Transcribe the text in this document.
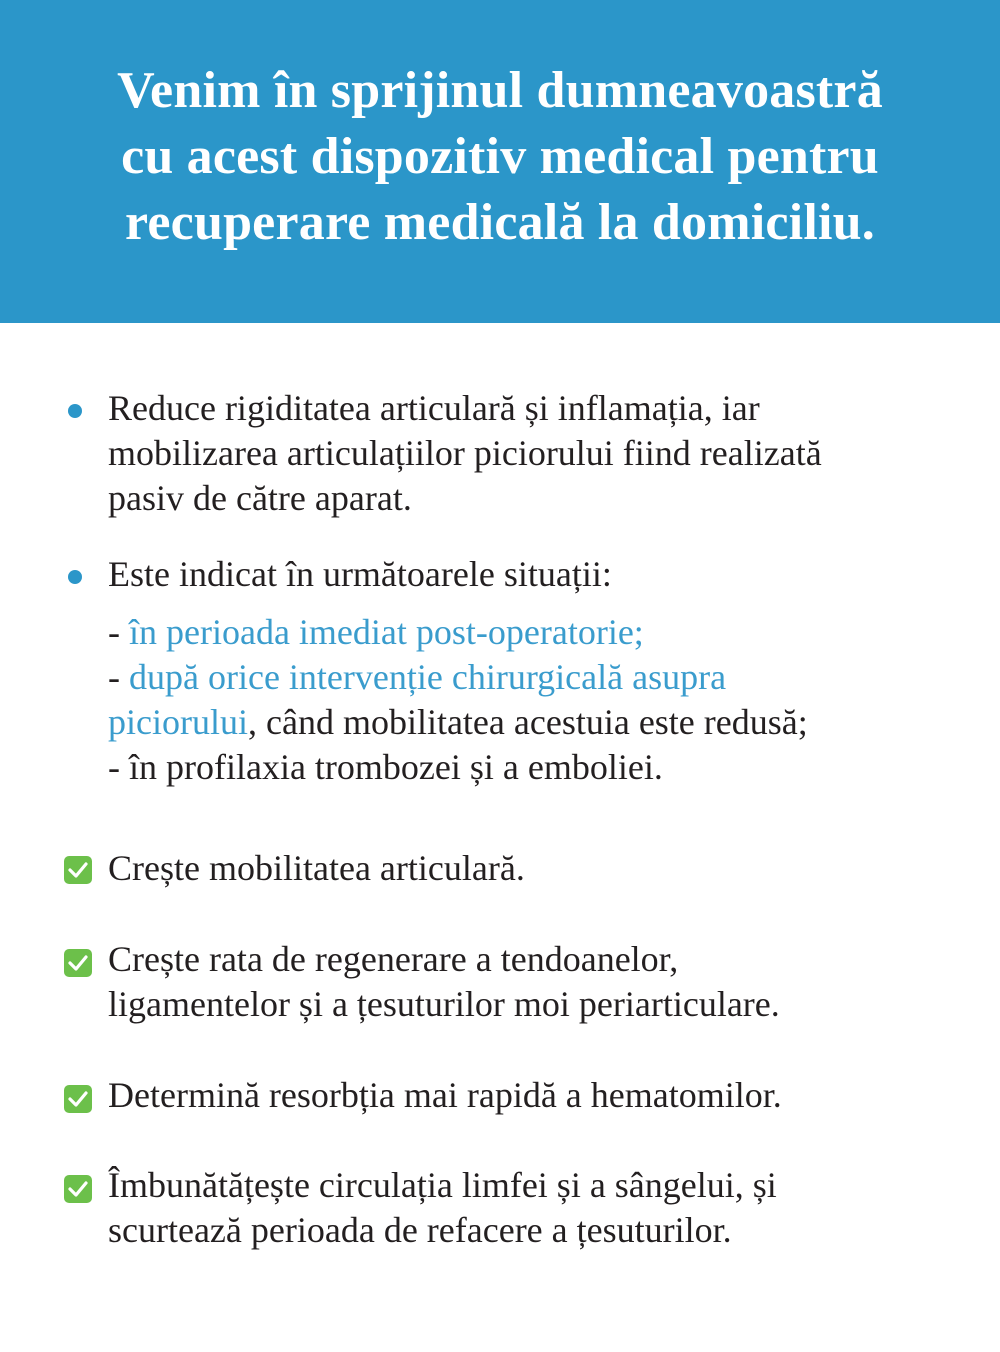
Venim în sprijinul dumneavoastră
cu acest dispozitiv medical pentru
recuperare medicală la domiciliu.
Reduce rigiditatea articulară și inflamația, iar
mobilizarea articulațiilor piciorului fiind realizată
pasiv de către aparat.
Este indicat în următoarele situații:
- în perioada imediat post-operatorie;
- după orice intervenție chirurgicală asupra
piciorului, când mobilitatea acestuia este redusă;
- în profilaxia trombozei și a emboliei.
Crește mobilitatea articulară.
Crește rata de regenerare a tendoanelor,
ligamentelor și a țesuturilor moi periarticulare.
Determină resorbția mai rapidă a hematomilor.
Îmbunătățește circulația limfei și a sângelui, și
scurtează perioada de refacere a țesuturilor.
